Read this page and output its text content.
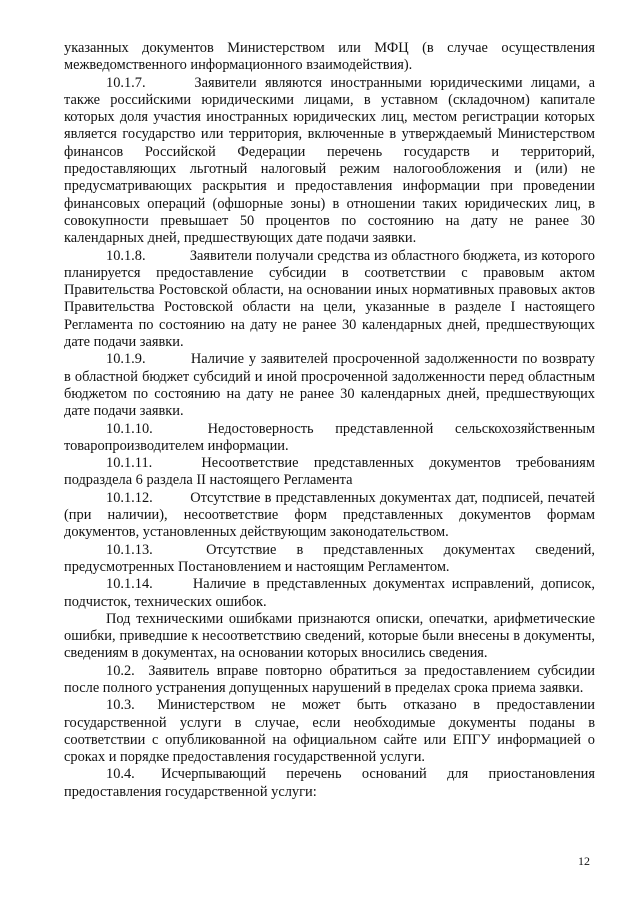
указанных документов Министерством или МФЦ (в случае осуществления межведомственного информационного взаимодействия).

10.1.7.	Заявители являются иностранными юридическими лицами, а также российскими юридическими лицами, в уставном (складочном) капитале которых доля участия иностранных юридических лиц, местом регистрации которых является государство или территория, включенные в утверждаемый Министерством финансов Российской Федерации перечень государств и территорий, предоставляющих льготный налоговый режим налогообложения и (или) не предусматривающих раскрытия и предоставления информации при проведении финансовых операций (офшорные зоны) в отношении таких юридических лиц, в совокупности превышает 50 процентов по состоянию на дату не ранее 30 календарных дней, предшествующих дате подачи заявки.

10.1.8.	Заявители получали средства из областного бюджета, из которого планируется предоставление субсидии в соответствии с правовым актом Правительства Ростовской области, на основании иных нормативных правовых актов Правительства Ростовской области на цели, указанные в разделе I настоящего Регламента по состоянию на дату не ранее 30 календарных дней, предшествующих дате подачи заявки.

10.1.9.	Наличие у заявителей просроченной задолженности по возврату в областной бюджет субсидий и иной просроченной задолженности перед областным бюджетом по состоянию на дату не ранее 30 календарных дней, предшествующих дате подачи заявки.

10.1.10.	Недостоверность представленной сельскохозяйственным товаропроизводителем информации.

10.1.11.	Несоответствие представленных документов требованиям подраздела 6 раздела II настоящего Регламента

10.1.12.	Отсутствие в представленных документах дат, подписей, печатей (при наличии), несоответствие форм представленных документов формам документов, установленных действующим законодательством.

10.1.13.	Отсутствие в представленных документах сведений, предусмотренных Постановлением и настоящим Регламентом.

10.1.14.	Наличие в представленных документах исправлений, дописок, подчисток, технических ошибок.

Под техническими ошибками признаются описки, опечатки, арифметические ошибки, приведшие к несоответствию сведений, которые были внесены в документы, сведениям в документах, на основании которых вносились сведения.

10.2. Заявитель вправе повторно обратиться за предоставлением субсидии после полного устранения допущенных нарушений в пределах срока приема заявки.

10.3. Министерством не может быть отказано в предоставлении государственной услуги в случае, если необходимые документы поданы в соответствии с опубликованной на официальном сайте или ЕПГУ информацией о сроках и порядке предоставления государственной услуги.

10.4. Исчерпывающий перечень оснований для приостановления предоставления государственной услуги:

12
